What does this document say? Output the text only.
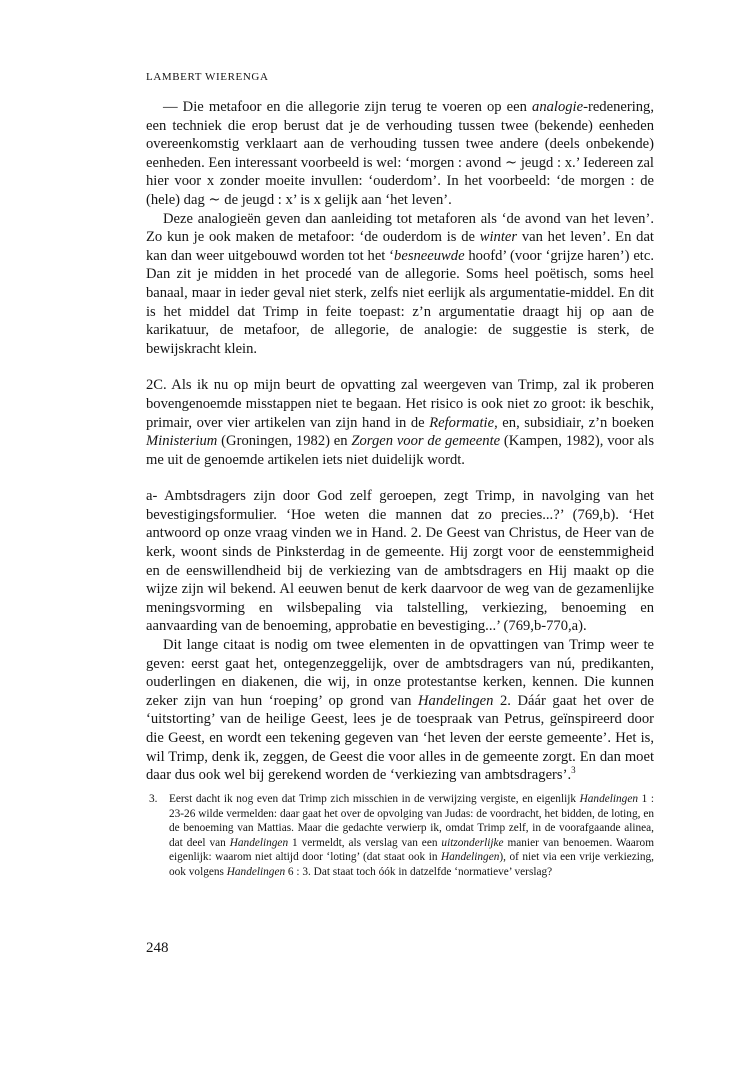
LAMBERT WIERENGA

— Die metafoor en die allegorie zijn terug te voeren op een analogie-redenering, een techniek die erop berust dat je de verhouding tussen twee (bekende) eenheden overeenkomstig verklaart aan de verhouding tussen twee andere (deels onbekende) eenheden. Een interessant voorbeeld is wel: ‘morgen : avond ∼ jeugd : x.’ Iedereen zal hier voor x zonder moeite invullen: ‘ouderdom’. In het voorbeeld: ‘de morgen : de (hele) dag ∼ de jeugd : x’ is x gelijk aan ‘het leven’.

Deze analogieën geven dan aanleiding tot metaforen als ‘de avond van het leven’. Zo kun je ook maken de metafoor: ‘de ouderdom is de winter van het leven’. En dat kan dan weer uitgebouwd worden tot het ‘besneeuwde hoofd’ (voor ‘grijze haren’) etc. Dan zit je midden in het procedé van de allegorie. Soms heel poëtisch, soms heel banaal, maar in ieder geval niet sterk, zelfs niet eerlijk als argumentatie-middel. En dit is het middel dat Trimp in feite toepast: z’n argumentatie draagt hij op aan de karikatuur, de metafoor, de allegorie, de analogie: de suggestie is sterk, de bewijskracht klein.

2C. Als ik nu op mijn beurt de opvatting zal weergeven van Trimp, zal ik proberen bovengenoemde misstappen niet te begaan. Het risico is ook niet zo groot: ik beschik, primair, over vier artikelen van zijn hand in de Reformatie, en, subsidiair, z’n boeken Ministerium (Groningen, 1982) en Zorgen voor de gemeente (Kampen, 1982), voor als me uit de genoemde artikelen iets niet duidelijk wordt.

a- Ambtsdragers zijn door God zelf geroepen, zegt Trimp, in navolging van het bevestigingsformulier. ‘Hoe weten die mannen dat zo precies...?’ (769,b). ‘Het antwoord op onze vraag vinden we in Hand. 2. De Geest van Christus, de Heer van de kerk, woont sinds de Pinksterdag in de gemeente. Hij zorgt voor de eenstemmigheid en de eenswillendheid bij de verkiezing van de ambtsdragers en Hij maakt op die wijze zijn wil bekend. Al eeuwen benut de kerk daarvoor de weg van de gezamenlijke meningsvorming en wilsbepaling via talstelling, verkiezing, benoeming en aanvaarding van de benoeming, approbatie en bevestiging...’ (769,b-770,a).

Dit lange citaat is nodig om twee elementen in de opvattingen van Trimp weer te geven: eerst gaat het, ontegenzeggelijk, over de ambtsdragers van nú, predikanten, ouderlingen en diakenen, die wij, in onze protestantse kerken, kennen. Die kunnen zeker zijn van hun ‘roeping’ op grond van Handelingen 2. Dáár gaat het over de ‘uitstorting’ van de heilige Geest, lees je de toespraak van Petrus, geïnspireerd door die Geest, en wordt een tekening gegeven van ‘het leven der eerste gemeente’. Het is, wil Trimp, denk ik, zeggen, de Geest die voor alles in de gemeente zorgt. En dan moet daar dus ook wel bij gerekend worden de ‘verkiezing van ambtsdragers’.$^3$

3. Eerst dacht ik nog even dat Trimp zich misschien in de verwijzing vergiste, en eigenlijk Handelingen 1 : 23-26 wilde vermelden: daar gaat het over de opvolging van Judas: de voordracht, het bidden, de loting, en de benoeming van Mattias. Maar die gedachte verwierp ik, omdat Trimp zelf, in de voorafgaande alinea, dat deel van Handelingen 1 vermeldt, als verslag van een uitzonderlijke manier van benoemen. Waarom eigenlijk: waarom niet altijd door ‘loting’ (dat staat ook in Handelingen), of niet via een vrije verkiezing, ook volgens Handelingen 6 : 3. Dat staat toch óók in datzelfde ‘normatieve’ verslag?
248
